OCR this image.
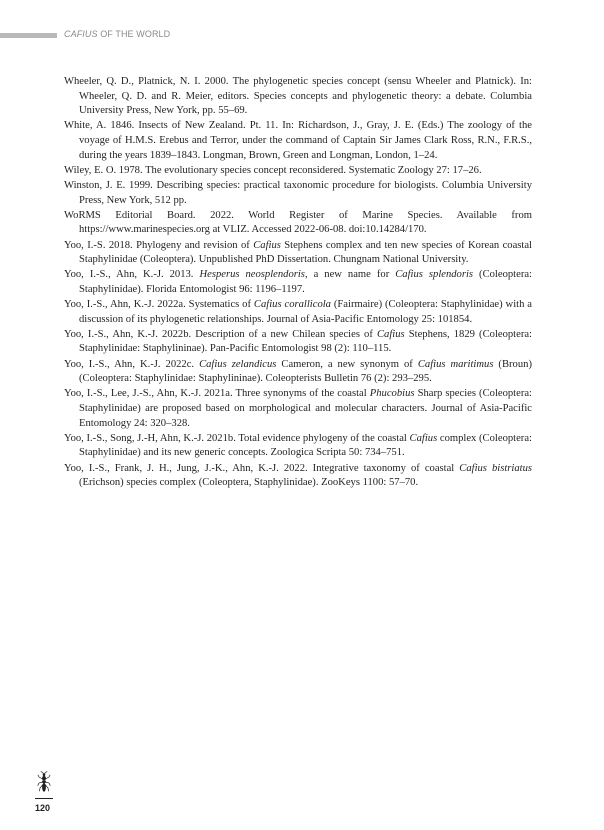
CAFIUS OF THE WORLD
Wheeler, Q. D., Platnick, N. I. 2000. The phylogenetic species concept (sensu Wheeler and Platnick). In: Wheeler, Q. D. and R. Meier, editors. Species concepts and phylogenetic theory: a debate. Columbia University Press, New York, pp. 55–69.
White, A. 1846. Insects of New Zealand. Pt. 11. In: Richardson, J., Gray, J. E. (Eds.) The zoology of the voyage of H.M.S. Erebus and Terror, under the command of Captain Sir James Clark Ross, R.N., F.R.S., during the years 1839–1843. Longman, Brown, Green and Longman, London, 1–24.
Wiley, E. O. 1978. The evolutionary species concept reconsidered. Systematic Zoology 27: 17–26.
Winston, J. E. 1999. Describing species: practical taxonomic procedure for biologists. Columbia University Press, New York, 512 pp.
WoRMS Editorial Board. 2022. World Register of Marine Species. Available from https://www.marinespecies.org at VLIZ. Accessed 2022-06-08. doi:10.14284/170.
Yoo, I.-S. 2018. Phylogeny and revision of Cafius Stephens complex and ten new species of Korean coastal Staphylinidae (Coleoptera). Unpublished PhD Dissertation. Chungnam National University.
Yoo, I.-S., Ahn, K.-J. 2013. Hesperus neosplendoris, a new name for Cafius splendoris (Coleoptera: Staphylinidae). Florida Entomologist 96: 1196–1197.
Yoo, I.-S., Ahn, K.-J. 2022a. Systematics of Cafius corallicola (Fairmaire) (Coleoptera: Staphylinidae) with a discussion of its phylogenetic relationships. Journal of Asia-Pacific Entomology 25: 101854.
Yoo, I.-S., Ahn, K.-J. 2022b. Description of a new Chilean species of Cafius Stephens, 1829 (Coleoptera: Staphylinidae: Staphylininae). Pan-Pacific Entomologist 98 (2): 110–115.
Yoo, I.-S., Ahn, K.-J. 2022c. Cafius zelandicus Cameron, a new synonym of Cafius maritimus (Broun) (Coleoptera: Staphylinidae: Staphylininae). Coleopterists Bulletin 76 (2): 293–295.
Yoo, I.-S., Lee, J.-S., Ahn, K.-J. 2021a. Three synonyms of the coastal Phucobius Sharp species (Coleoptera: Staphylinidae) are proposed based on morphological and molecular characters. Journal of Asia-Pacific Entomology 24: 320–328.
Yoo, I.-S., Song, J.-H, Ahn, K.-J. 2021b. Total evidence phylogeny of the coastal Cafius complex (Coleoptera: Staphylinidae) and its new generic concepts. Zoologica Scripta 50: 734–751.
Yoo, I.-S., Frank, J. H., Jung, J.-K., Ahn, K.-J. 2022. Integrative taxonomy of coastal Cafius bistriatus (Erichson) species complex (Coleoptera, Staphylinidae). ZooKeys 1100: 57–70.
120
